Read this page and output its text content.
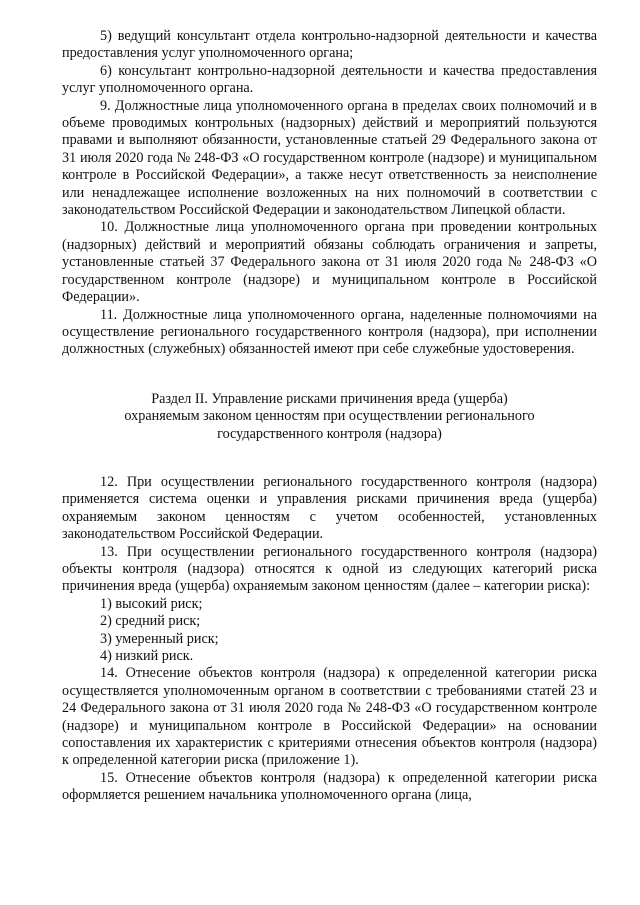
5) ведущий консультант отдела контрольно-надзорной деятельности и качества предоставления услуг уполномоченного органа;

6) консультант контрольно-надзорной деятельности и качества предоставления услуг уполномоченного органа.

9. Должностные лица уполномоченного органа в пределах своих полномочий и в объеме проводимых контрольных (надзорных) действий и мероприятий пользуются правами и выполняют обязанности, установленные статьей 29 Федерального закона от 31 июля 2020 года № 248-ФЗ «О государственном контроле (надзоре) и муниципальном контроле в Российской Федерации», а также несут ответственность за неисполнение или ненадлежащее исполнение возложенных на них полномочий в соответствии с законодательством Российской Федерации и законодательством Липецкой области.

10. Должностные лица уполномоченного органа при проведении контрольных (надзорных) действий и мероприятий обязаны соблюдать ограничения и запреты, установленные статьей 37 Федерального закона от 31 июля 2020 года № 248-ФЗ «О государственном контроле (надзоре) и муниципальном контроле в Российской Федерации».

11. Должностные лица уполномоченного органа, наделенные полномочиями на осуществление регионального государственного контроля (надзора), при исполнении должностных (служебных) обязанностей имеют при себе служебные удостоверения.

Раздел II. Управление рисками причинения вреда (ущерба)
охраняемым законом ценностям при осуществлении регионального
государственного контроля (надзора)

12. При осуществлении регионального государственного контроля (надзора) применяется система оценки и управления рисками причинения вреда (ущерба) охраняемым законом ценностям с учетом особенностей, установленных законодательством Российской Федерации.

13. При осуществлении регионального государственного контроля (надзора) объекты контроля (надзора) относятся к одной из следующих категорий риска причинения вреда (ущерба) охраняемым законом ценностям (далее – категории риска):

1) высокий риск;
2) средний риск;
3) умеренный риск;
4) низкий риск.

14. Отнесение объектов контроля (надзора) к определенной категории риска осуществляется уполномоченным органом в соответствии с требованиями статей 23 и 24 Федерального закона от 31 июля 2020 года № 248-ФЗ «О государственном контроле (надзоре) и муниципальном контроле в Российской Федерации» на основании сопоставления их характеристик с критериями отнесения объектов контроля (надзора) к определенной категории риска (приложение 1).

15. Отнесение объектов контроля (надзора) к определенной категории риска оформляется решением начальника уполномоченного органа (лица,
